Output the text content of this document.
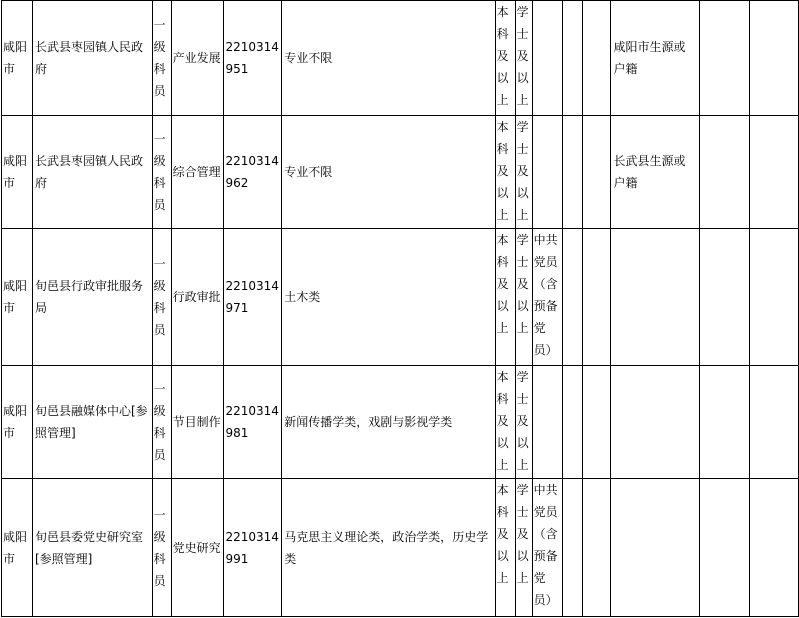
咸阳市	长武县枣园镇人民政府	一级科员	产业发展	2210314951	专业不限	本科及以上	学士及以上				咸阳市生源或户籍		
咸阳市	长武县枣园镇人民政府	一级科员	综合管理	2210314962	专业不限	本科及以上	学士及以上				长武县生源或户籍		
咸阳市	旬邑县行政审批服务局	一级科员	行政审批	2210314971	土木类	本科及以上	学士及以上	中共党员（含预备党员）					
咸阳市	旬邑县融媒体中心[参照管理]	一级科员	节目制作	2210314981	新闻传播学类，戏剧与影视学类	本科及以上	学士及以上						
咸阳市	旬邑县委党史研究室[参照管理]	一级科员	党史研究	2210314991	马克思主义理论类，政治学类，历史学类	本科及以上	学士及以上	中共党员（含预备党员）					
